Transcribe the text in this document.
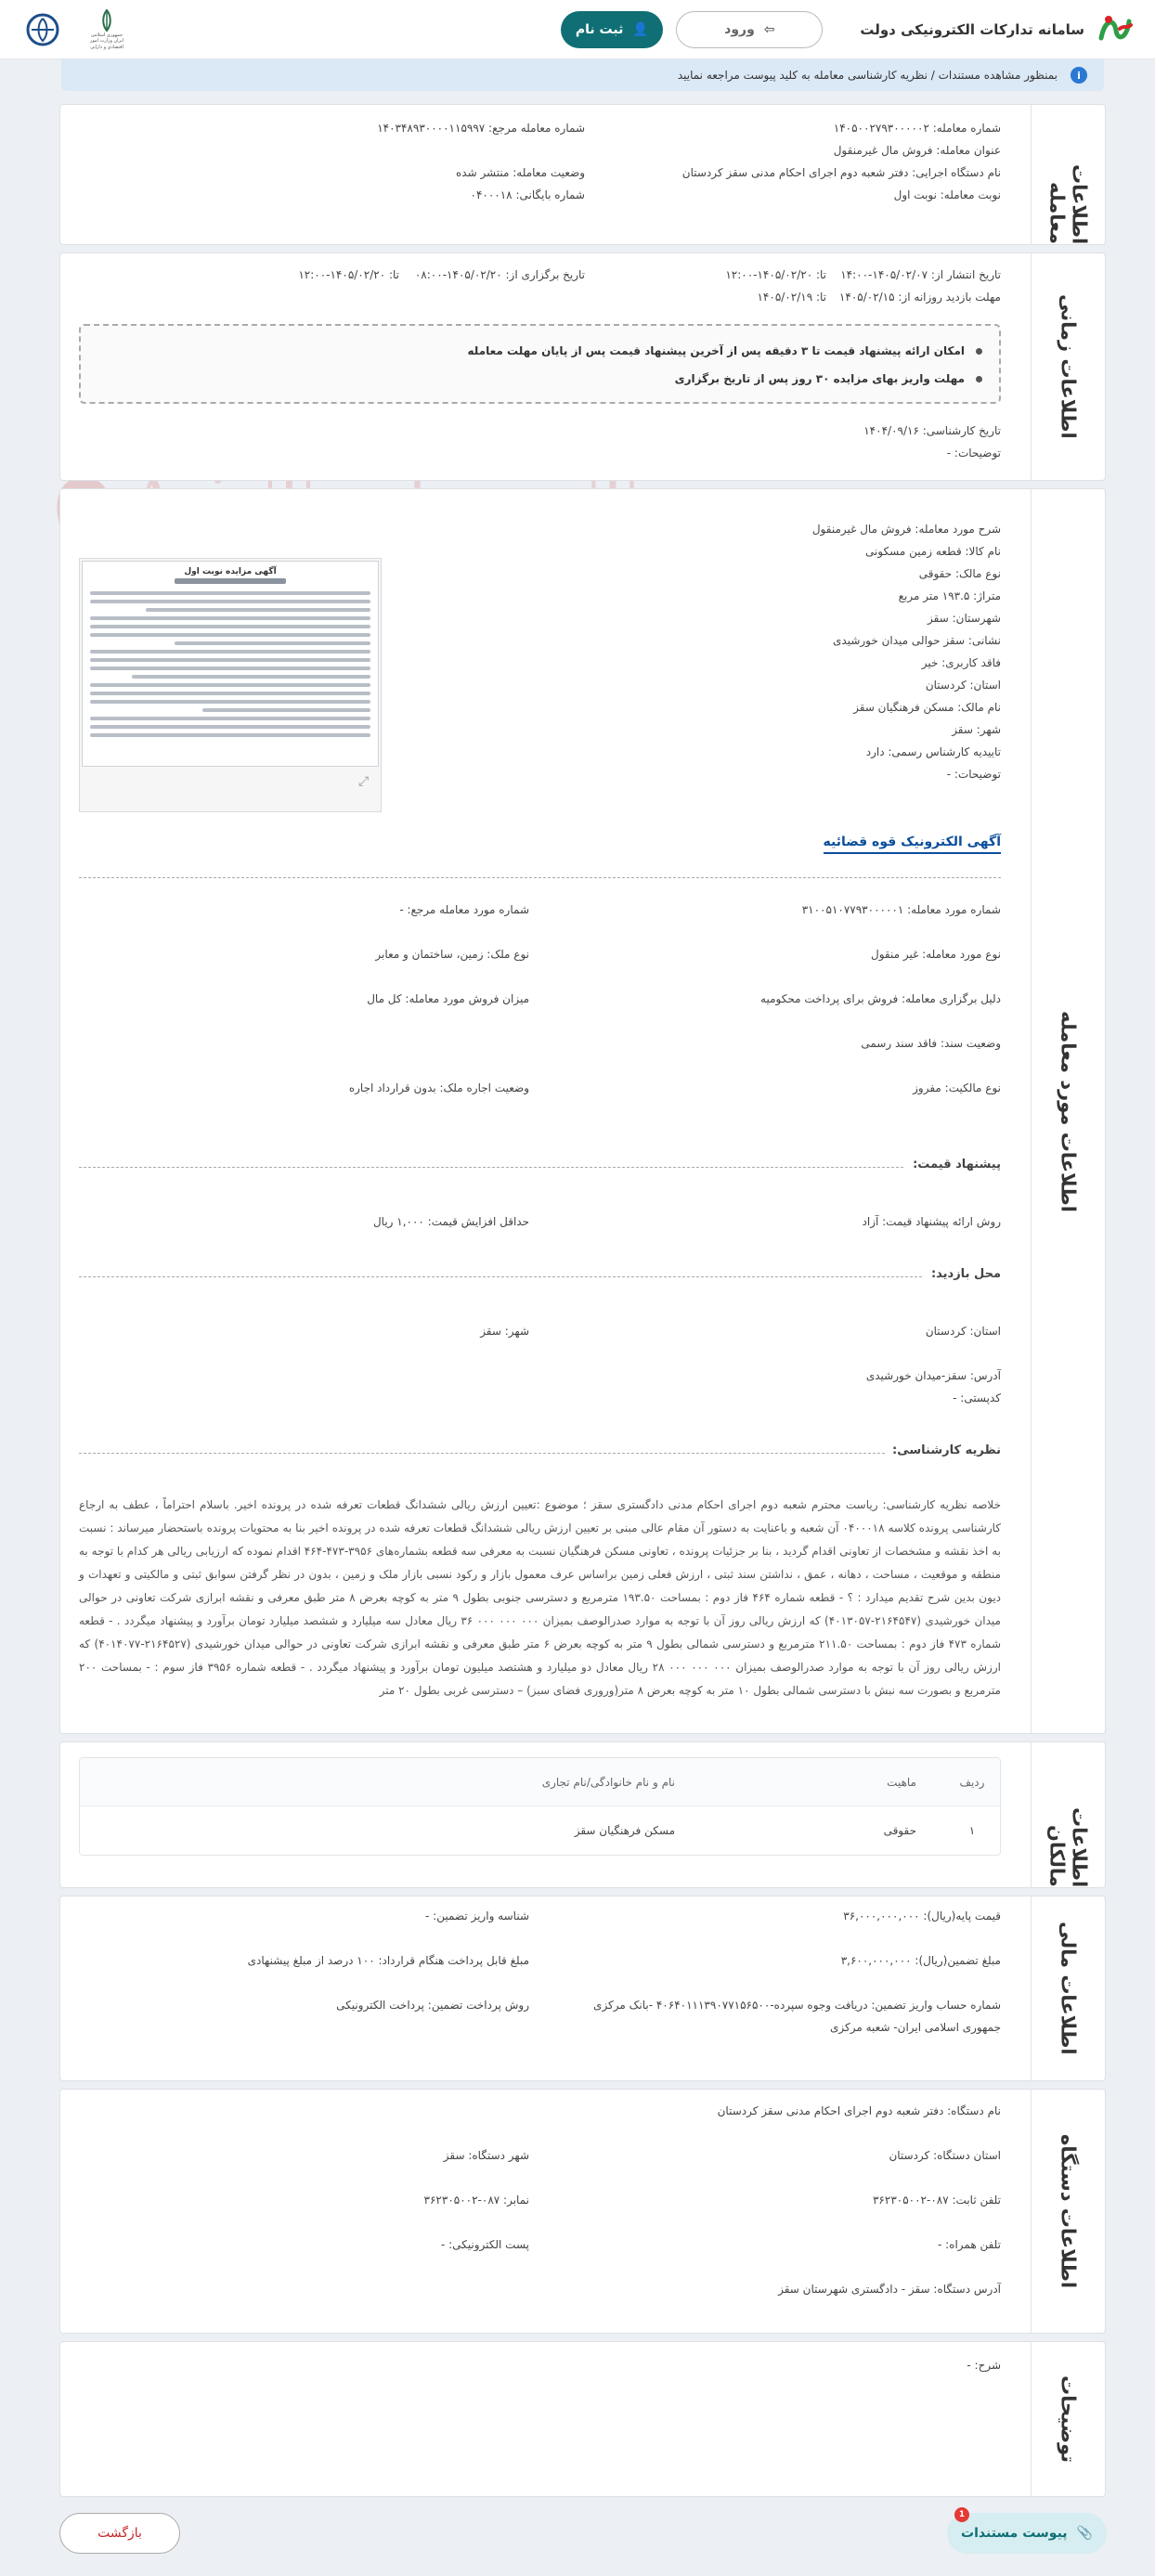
سامانه تدارکات الکترونیکی دولت
⇦
ورود
👤
ثبت نام
جمهوری اسلامی ایران وزارت امور اقتصادی و دارایی
i
بمنظور مشاهده مستندات / نظریه کارشناسی معامله به کلید پیوست مراجعه نمایید
اطلاعات معامله
شماره معامله: ۱۴۰۵۰۰۲۷۹۳۰۰۰۰۰۲
شماره معامله مرجع: ۱۴۰۳۴۸۹۳۰۰۰۰۱۱۵۹۹۷
عنوان معامله: فروش مال غیرمنقول
نام دستگاه اجرایی: دفتر شعبه دوم اجرای احکام مدنی سقز کردستان
وضعیت معامله: منتشر شده
نوبت معامله: نوبت اول
شماره بایگانی: ۰۴۰۰۰۱۸
اطلاعات زمانی
تاریخ انتشار از: ۱۴۰۵/۰۲/۰۷-۱۴:۰۰
تا: ۱۴۰۵/۰۲/۲۰-۱۲:۰۰
تاریخ برگزاری از: ۱۴۰۵/۰۲/۲۰-۰۸:۰۰
تا: ۱۴۰۵/۰۲/۲۰-۱۲:۰۰
مهلت بازدید روزانه از: ۱۴۰۵/۰۲/۱۵
تا: ۱۴۰۵/۰۲/۱۹
امکان ارائه پیشنهاد قیمت تا ۳ دقیقه پس از آخرین پیشنهاد قیمت پس از پایان مهلت معامله
مهلت واریز بهای مزایده ۳۰ روز پس از تاریخ برگزاری
تاریخ کارشناسی: ۱۴۰۴/۰۹/۱۶
توضیحات: -
اطلاعات مورد معامله
شرح مورد معامله: فروش مال غیرمنقول
نام کالا: قطعه زمین مسکونی
نوع مالک: حقوقی
متراژ: ۱۹۳.۵ متر مربع
شهرستان: سقز
نشانی: سقز حوالی میدان خورشیدی
فاقد کاربری: خیر
استان: کردستان
نام مالک: مسکن فرهنگیان سقز
شهر: سقز
تاییدیه کارشناس رسمی: دارد
توضیحات: -
آگهی مزایده نوبت اول
⤢
آگهی الکترونیک قوه قضائیه
شماره مورد معامله: ۳۱۰۰۵۱۰۷۷۹۳۰۰۰۰۰۱
شماره مورد معامله مرجع: -
نوع مورد معامله: غیر منقول
نوع ملک: زمین، ساختمان و معابر
دلیل برگزاری معامله: فروش برای پرداخت محکومیه
میزان فروش مورد معامله: کل مال
وضعیت سند: فاقد سند رسمی
نوع مالکیت: مفروز
وضعیت اجاره ملک: بدون قرارداد اجاره
پیشنهاد قیمت:
روش ارائه پیشنهاد قیمت: آزاد
حداقل افزایش قیمت: ۱,۰۰۰ ریال
محل بازدید:
استان: کردستان
شهر: سقز
آدرس: سقز-میدان خورشیدی
کدپستی: -
نظریه کارشناسی:
خلاصه نظریه کارشناسی: ریاست محترم شعبه دوم اجرای احکام مدنی دادگستری سقز ؛ موضوع :تعیین ارزش ریالی ششدانگ قطعات تعرفه شده در پرونده اخیر. باسلام احتراماً ، عطف به ارجاع کارشناسی پرونده کلاسه ۰۴۰۰۰۱۸ آن شعبه و باعنایت به دستور آن مقام عالی مبنی بر تعیین ارزش ریالی ششدانگ قطعات تعرفه شده در پرونده اخیر بنا به محتویات پرونده باستحضار میرساند : نسبت به اخذ نقشه و مشخصات از تعاونی اقدام گردید ، بنا بر جزئیات پرونده ، تعاونی مسکن فرهنگیان نسبت به معرفی سه قطعه بشماره‌های ۳۹۵۶-۴۷۳-۴۶۴ اقدام نموده که ارزیابی ریالی هر کدام با توجه به منطقه و موقعیت ، مساحت ، دهانه ، عمق ، نداشتن سند ثبتی ، ارزش فعلی زمین براساس عرف معمول بازار و رکود نسبی بازار ملک و زمین ، بدون در نظر گرفتن سوابق ثبتی و مالکیتی و تعهدات و دیون بدین شرح تقدیم میدارد : ؟ - قطعه شماره ۴۶۴ فاز دوم : بمساحت ۱۹۳.۵۰ مترمربع و دسترسی جنوبی بطول ۹ متر به کوچه بعرض ۸ متر طبق معرفی و نقشه ابرازی شرکت تعاونی در حوالی میدان خورشیدی (۲۱۶۴۵۴۷-۴۰۱۳۰۵۷) که ارزش ریالی روز آن با توجه به موارد صدرالوصف بمیزان ۰۰۰ ۰۰۰ ۰۰۰ ۳۶ ریال معادل سه میلیارد و ششصد میلیارد تومان برآورد و پیشنهاد میگردد . - قطعه شماره ۴۷۳ فاز دوم : بمساحت ۲۱۱.۵۰ مترمربع و دسترسی شمالی بطول ۹ متر به کوچه بعرض ۶ متر طبق معرفی و نقشه ابرازی شرکت تعاونی در حوالی میدان خورشیدی (۲۱۶۴۵۲۷-۴۰۱۴۰۷۷) که ارزش ریالی روز آن با توجه به موارد صدرالوصف بمیزان ۰۰۰ ۰۰۰ ۰۰۰ ۲۸ ریال معادل دو میلیارد و هشتصد میلیون تومان برآورد و پیشنهاد میگردد . - قطعه شماره ۳۹۵۶ فاز سوم : - بمساحت ۲۰۰ مترمربع و بصورت سه نبش با دسترسی شمالی بطول ۱۰ متر به کوچه بعرض ۸ متر(وروری فضای سبز) – دسترسی غربی بطول ۲۰ متر
اطلاعات مالکان
ردیف
ماهیت
نام و نام خانوادگی/نام تجاری
۱
حقوقی
مسکن فرهنگیان سقز
اطلاعات مالی
قیمت پایه(ریال): ۳۶,۰۰۰,۰۰۰,۰۰۰
شناسه واریز تضمین: -
مبلغ تضمین(ریال): ۳,۶۰۰,۰۰۰,۰۰۰
مبلغ قابل پرداخت هنگام قرارداد: ۱۰۰ درصد از مبلغ پیشنهادی
شماره حساب واریز تضمین: دریافت وجوه سپرده-۴۰۶۴۰۱۱۱۳۹۰۷۷۱۵۶۵۰۰ -بانک مرکزی
جمهوری اسلامی ایران- شعبه مرکزی
روش پرداخت تضمین: پرداخت الکترونیکی
اطلاعات دستگاه
نام دستگاه: دفتر شعبه دوم اجرای احکام مدنی سقز کردستان
استان دستگاه: کردستان
شهر دستگاه: سقز
تلفن ثابت: ۰۸۷-۳۶۲۳۰۵۰۰۲
نمابر: ۰۸۷-۳۶۲۳۰۵۰۰۲
تلفن همراه: -
پست الکترونیکی: -
آدرس دستگاه: سقز - دادگستری شهرستان سقز
توضیحات
شرح: -
1
📎
پیوست مستندات
بازگشت
